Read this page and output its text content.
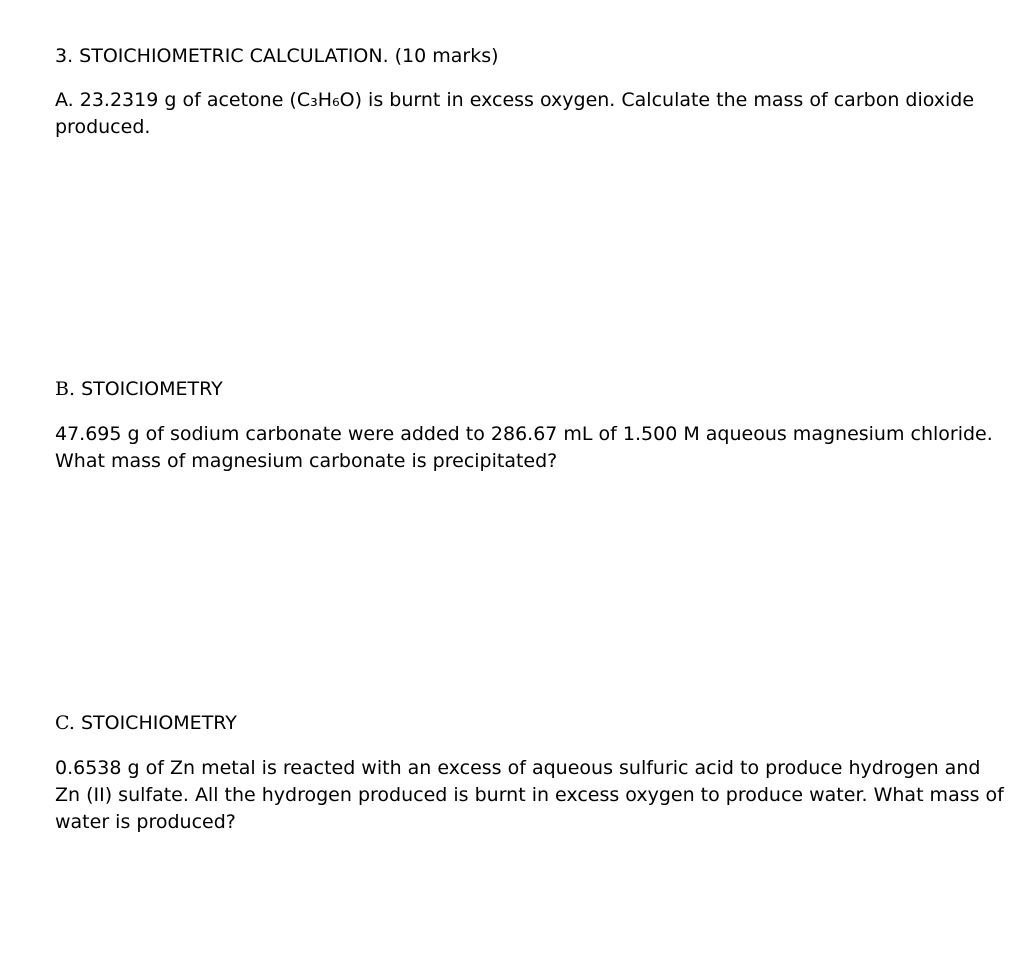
3. STOICHIOMETRIC CALCULATION. (10 marks)

A. 23.2319 g of acetone (C₃H₆O) is burnt in excess oxygen. Calculate the mass of carbon dioxide produced.

B. STOICIOMETRY

47.695 g of sodium carbonate were added to 286.67 mL of 1.500 M aqueous magnesium chloride. What mass of magnesium carbonate is precipitated?

C. STOICHIOMETRY

0.6538 g of Zn metal is reacted with an excess of aqueous sulfuric acid to produce hydrogen and Zn (II) sulfate. All the hydrogen produced is burnt in excess oxygen to produce water. What mass of water is produced?
